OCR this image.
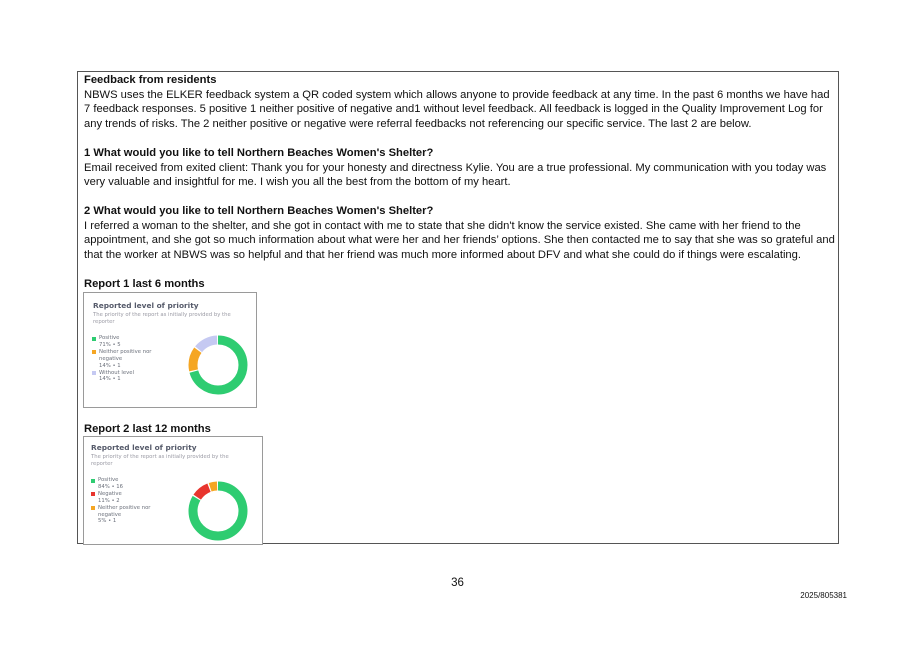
Feedback from residents

NBWS uses the ELKER feedback system a QR coded system which allows anyone to provide feedback at any time. In the past 6 months we have had 7 feedback responses. 5 positive 1 neither positive of negative and1 without level feedback. All feedback is logged in the Quality Improvement Log for any trends of risks. The 2 neither positive or negative were referral feedbacks not referencing our specific service. The last 2 are below.

1 What would you like to tell Northern Beaches Women's Shelter?

Email received from exited client: Thank you for your honesty and directness Kylie. You are a true professional. My communication with you today was very valuable and insightful for me. I wish you all the best from the bottom of my heart.

2 What would you like to tell Northern Beaches Women's Shelter?

I referred a woman to the shelter, and she got in contact with me to state that she didn't know the service existed. She came with her friend to the appointment, and she got so much information about what were her and her friends’ options. She then contacted me to say that she was so grateful and that the worker at NBWS was so helpful and that her friend was much more informed about DFV and what she could do if things were escalating.

Report 1 last 6 months
Reported level of priority
The priority of the report as initially provided by the reporter
Positive
71% • 5
Neither positive nor negative
14% • 1
Without level
14% • 1
Report 2 last 12 months
Reported level of priority
The priority of the report as initially provided by the reporter
Positive
84% • 16
Negative
11% • 2
Neither positive nor negative
5% • 1
36
2025/805381
